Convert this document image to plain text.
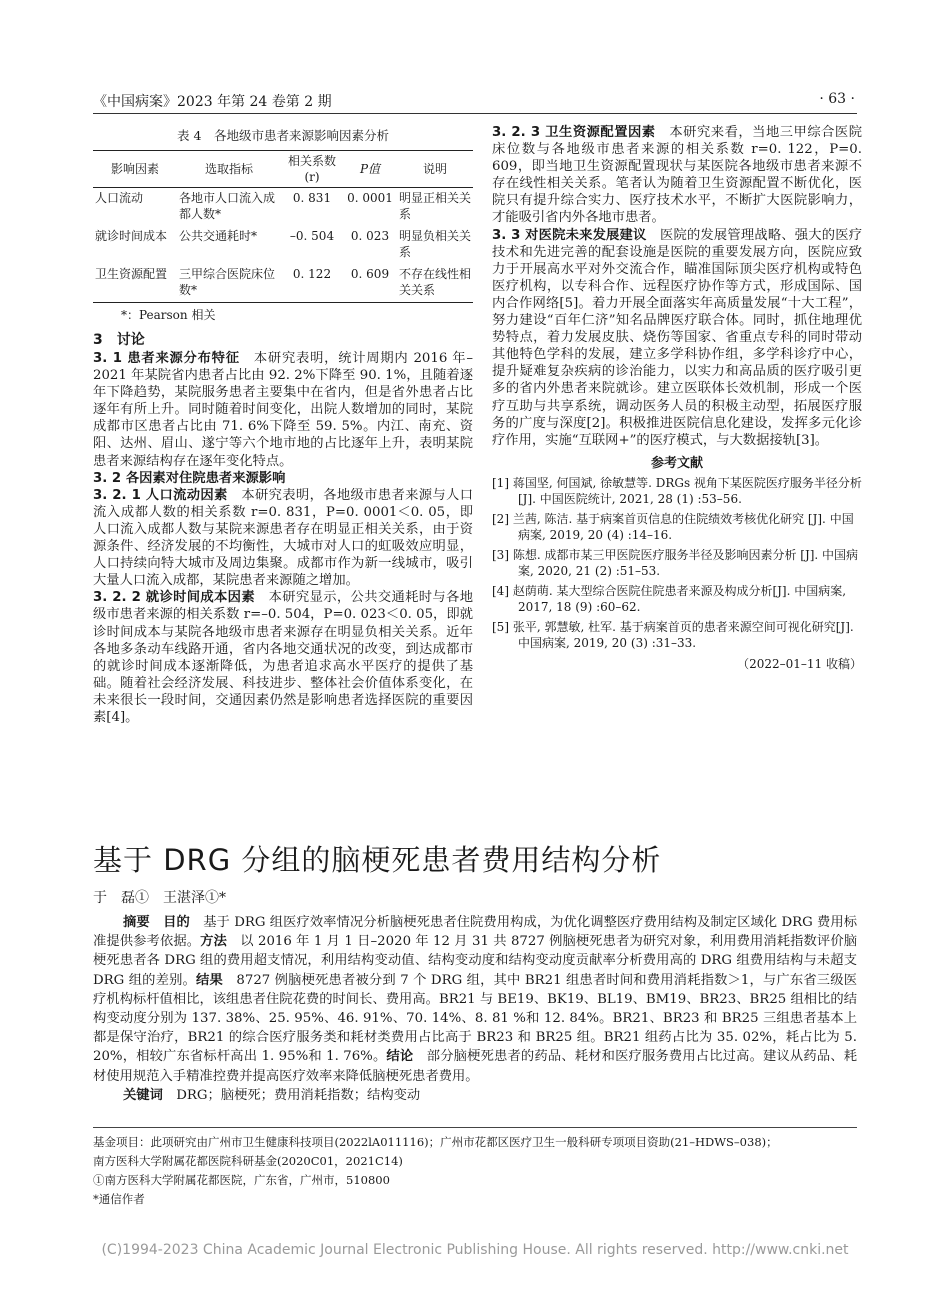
《中国病案》2023 年第 24 卷第 2 期	· 63 ·
表 4　各地级市患者来源影响因素分析
影响因素	选取指标	相关系数(r)	P值	说明
人口流动	各地市人口流入成都人数*	0. 831	0. 0001	明显正相关关系
就诊时间成本	公共交通耗时*	–0. 504	0. 023	明显负相关关系
卫生资源配置	三甲综合医院床位数*	0. 122	0. 609	不存在线性相关关系
*：Pearson 相关
3　讨论

3. 1 患者来源分布特征　 本研究表明，统计周期内 2016 年–2021 年某院省内患者占比由 92. 2%下降至 90. 1%，且随着逐年下降趋势，某院服务患者主要集中在省内，但是省外患者占比逐年有所上升。同时随着时间变化，出院人数增加的同时，某院成都市区患者占比由 71. 6%下降至 59. 5%。内江、南充、资阳、达州、眉山、遂宁等六个地市地的占比逐年上升，表明某院患者来源结构存在逐年变化特点。

3. 2 各因素对住院患者来源影响

3. 2. 1 人口流动因素　 本研究表明，各地级市患者来源与人口流入成都人数的相关系数 r=0. 831，P=0. 0001＜0. 05，即人口流入成都人数与某院来源患者存在明显正相关关系，由于资源条件、经济发展的不均衡性，大城市对人口的虹吸效应明显，人口持续向特大城市及周边集聚。成都市作为新一线城市，吸引大量人口流入成都，某院患者来源随之增加。

3. 2. 2 就诊时间成本因素　 本研究显示，公共交通耗时与各地级市患者来源的相关系数 r=–0. 504，P=0. 023＜0. 05，即就诊时间成本与某院各地级市患者来源存在明显负相关关系。近年各地多条动车线路开通，省内各地交通状况的改变，到达成都市的就诊时间成本逐渐降低，为患者追求高水平医疗的提供了基础。随着社会经济发展、科技进步、整体社会价值体系变化，在未来很长一段时间，交通因素仍然是影响患者选择医院的重要因素[4]。

3. 2. 3 卫生资源配置因素　 本研究来看，当地三甲综合医院床位数与各地级市患者来源的相关系数 r=0. 122，P=0. 609，即当地卫生资源配置现状与某医院各地级市患者来源不存在线性相关关系。笔者认为随着卫生资源配置不断优化，医院只有提升综合实力、医疗技术水平，不断扩大医院影响力，才能吸引省内外各地市患者。

3. 3 对医院未来发展建议　 医院的发展管理战略、强大的医疗技术和先进完善的配套设施是医院的重要发展方向，医院应致力于开展高水平对外交流合作，瞄准国际顶尖医疗机构或特色医疗机构，以专科合作、远程医疗协作等方式，形成国际、国内合作网络[5]。着力开展全面落实年高质量发展“十大工程”，努力建设“百年仁济”知名品牌医疗联合体。同时，抓住地理优势特点，着力发展皮肤、烧伤等国家、省重点专科的同时带动其他特色学科的发展，建立多学科协作组，多学科诊疗中心，提升疑难复杂疾病的诊治能力，以实力和高品质的医疗吸引更多的省内外患者来院就诊。建立医联体长效机制，形成一个医疗互助与共享系统，调动医务人员的积极主动型，拓展医疗服务的广度与深度[2]。积极推进医院信息化建设，发挥多元化诊疗作用，实施“互联网+”的医疗模式，与大数据接轨[3]。

参考文献

[1] 蒋国坚, 何国斌, 徐敏慧等. DRGs 视角下某医院医疗服务半径分析[J]. 中国医院统计, 2021, 28 (1) :53–56.

[2] 兰茜, 陈洁. 基于病案首页信息的住院绩效考核优化研究 [J]. 中国病案, 2019, 20 (4) :14–16.

[3] 陈想. 成都市某三甲医院医疗服务半径及影响因素分析 [J]. 中国病案, 2020, 21 (2) :51–53.

[4] 赵荫萌. 某大型综合医院住院患者来源及构成分析[J]. 中国病案, 2017, 18 (9) :60–62.

[5] 张平, 郭慧敏, 杜军. 基于病案首页的患者来源空间可视化研究[J]. 中国病案, 2019, 20 (3) :31–33.

（2022–01–11 收稿）
基于 DRG 分组的脑梗死患者费用结构分析
于　磊①　王湛泽①*
摘要　 目的　 基于 DRG 组医疗效率情况分析脑梗死患者住院费用构成，为优化调整医疗费用结构及制定区域化 DRG 费用标准提供参考依据。方法　 以 2016 年 1 月 1 日–2020 年 12 月 31 共 8727 例脑梗死患者为研究对象，利用费用消耗指数评价脑梗死患者各 DRG 组的费用超支情况，利用结构变动值、结构变动度和结构变动度贡献率分析费用高的 DRG 组费用结构与未超支 DRG 组的差别。结果　 8727 例脑梗死患者被分到 7 个 DRG 组，其中 BR21 组患者时间和费用消耗指数＞1，与广东省三级医疗机构标杆值相比，该组患者住院花费的时间长、费用高。BR21 与 BE19、BK19、BL19、BM19、BR23、BR25 组相比的结构变动度分别为 137. 38%、25. 95%、46. 91%、70. 14%、8. 81 %和 12. 84%。BR21、BR23 和 BR25 三组患者基本上都是保守治疗，BR21 的综合医疗服务类和耗材类费用占比高于 BR23 和 BR25 组。BR21 组药占比为 35. 02%，耗占比为 5. 20%，相较广东省标杆高出 1. 95%和 1. 76%。结论　 部分脑梗死患者的药品、耗材和医疗服务费用占比过高。建议从药品、耗材使用规范入手精准控费并提高医疗效率来降低脑梗死患者费用。
关键词　 DRG；脑梗死；费用消耗指数；结构变动
基金项目：此项研究由广州市卫生健康科技项目(2022lA011116)；广州市花都区医疗卫生一般科研专项项目资助(21–HDWS–038)；
南方医科大学附属花都医院科研基金(2020C01，2021C14)
①南方医科大学附属花都医院，广东省，广州市，510800
*通信作者
(C)1994-2023 China Academic Journal Electronic Publishing House. All rights reserved. http://www.cnki.net
